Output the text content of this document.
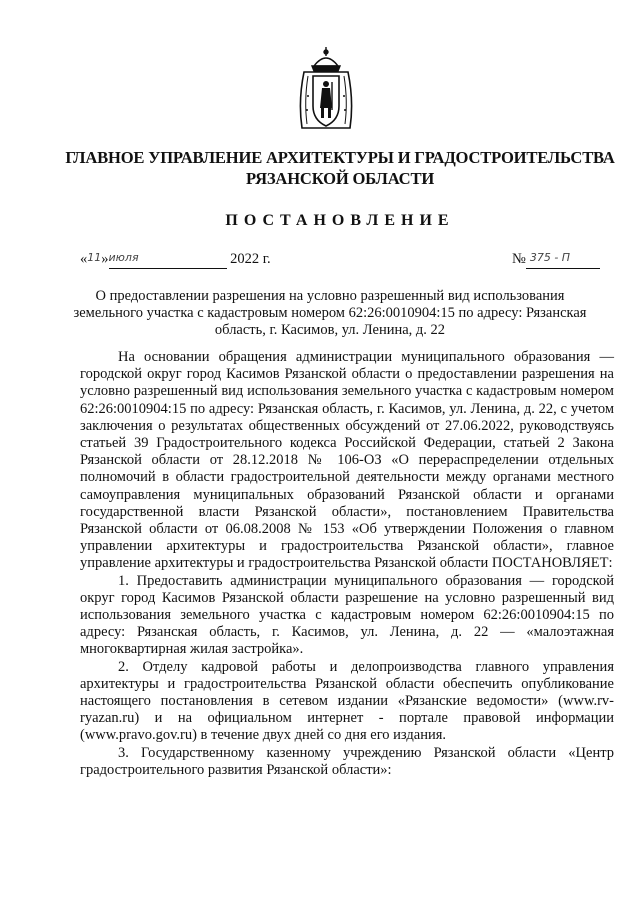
ГЛАВНОЕ УПРАВЛЕНИЕ АРХИТЕКТУРЫ И ГРАДОСТРОИТЕЛЬСТВА
РЯЗАНСКОЙ ОБЛАСТИ
ПОСТАНОВЛЕНИЕ
«11»июля	2022 г.	№ 375 - П
О предоставлении разрешения на условно разрешенный вид использования земельного участка с кадастровым номером 62:26:0010904:15 по адресу: Рязанская область, г. Касимов, ул. Ленина, д. 22

На основании обращения администрации муниципального образования — городской округ город Касимов Рязанской области о предоставлении разрешения на условно разрешенный вид использования земельного участка с кадастровым номером 62:26:0010904:15 по адресу: Рязанская область, г. Касимов, ул. Ленина, д. 22, с учетом заключения о результатах общественных обсуждений от 27.06.2022, руководствуясь статьей 39 Градостроительного кодекса Российской Федерации, статьей 2 Закона Рязанской области от 28.12.2018 № 106-ОЗ «О перераспределении отдельных полномочий в области градостроительной деятельности между органами местного самоуправления муниципальных образований Рязанской области и органами государственной власти Рязанской области», постановлением Правительства Рязанской области от 06.08.2008 № 153 «Об утверждении Положения о главном управлении архитектуры и градостроительства Рязанской области», главное управление архитектуры и градостроительства Рязанской области ПОСТАНОВЛЯЕТ:

1. Предоставить администрации муниципального образования — городской округ город Касимов Рязанской области разрешение на условно разрешенный вид использования земельного участка с кадастровым номером 62:26:0010904:15 по адресу: Рязанская область, г. Касимов, ул. Ленина, д. 22 — «малоэтажная многоквартирная жилая застройка».

2. Отделу кадровой работы и делопроизводства главного управления архитектуры и градостроительства Рязанской области обеспечить опубликование настоящего постановления в сетевом издании «Рязанские ведомости» (www.rv-ryazan.ru) и на официальном интернет - портале правовой информации (www.pravo.gov.ru) в течение двух дней со дня его издания.

3. Государственному казенному учреждению Рязанской области «Центр градостроительного развития Рязанской области»:
